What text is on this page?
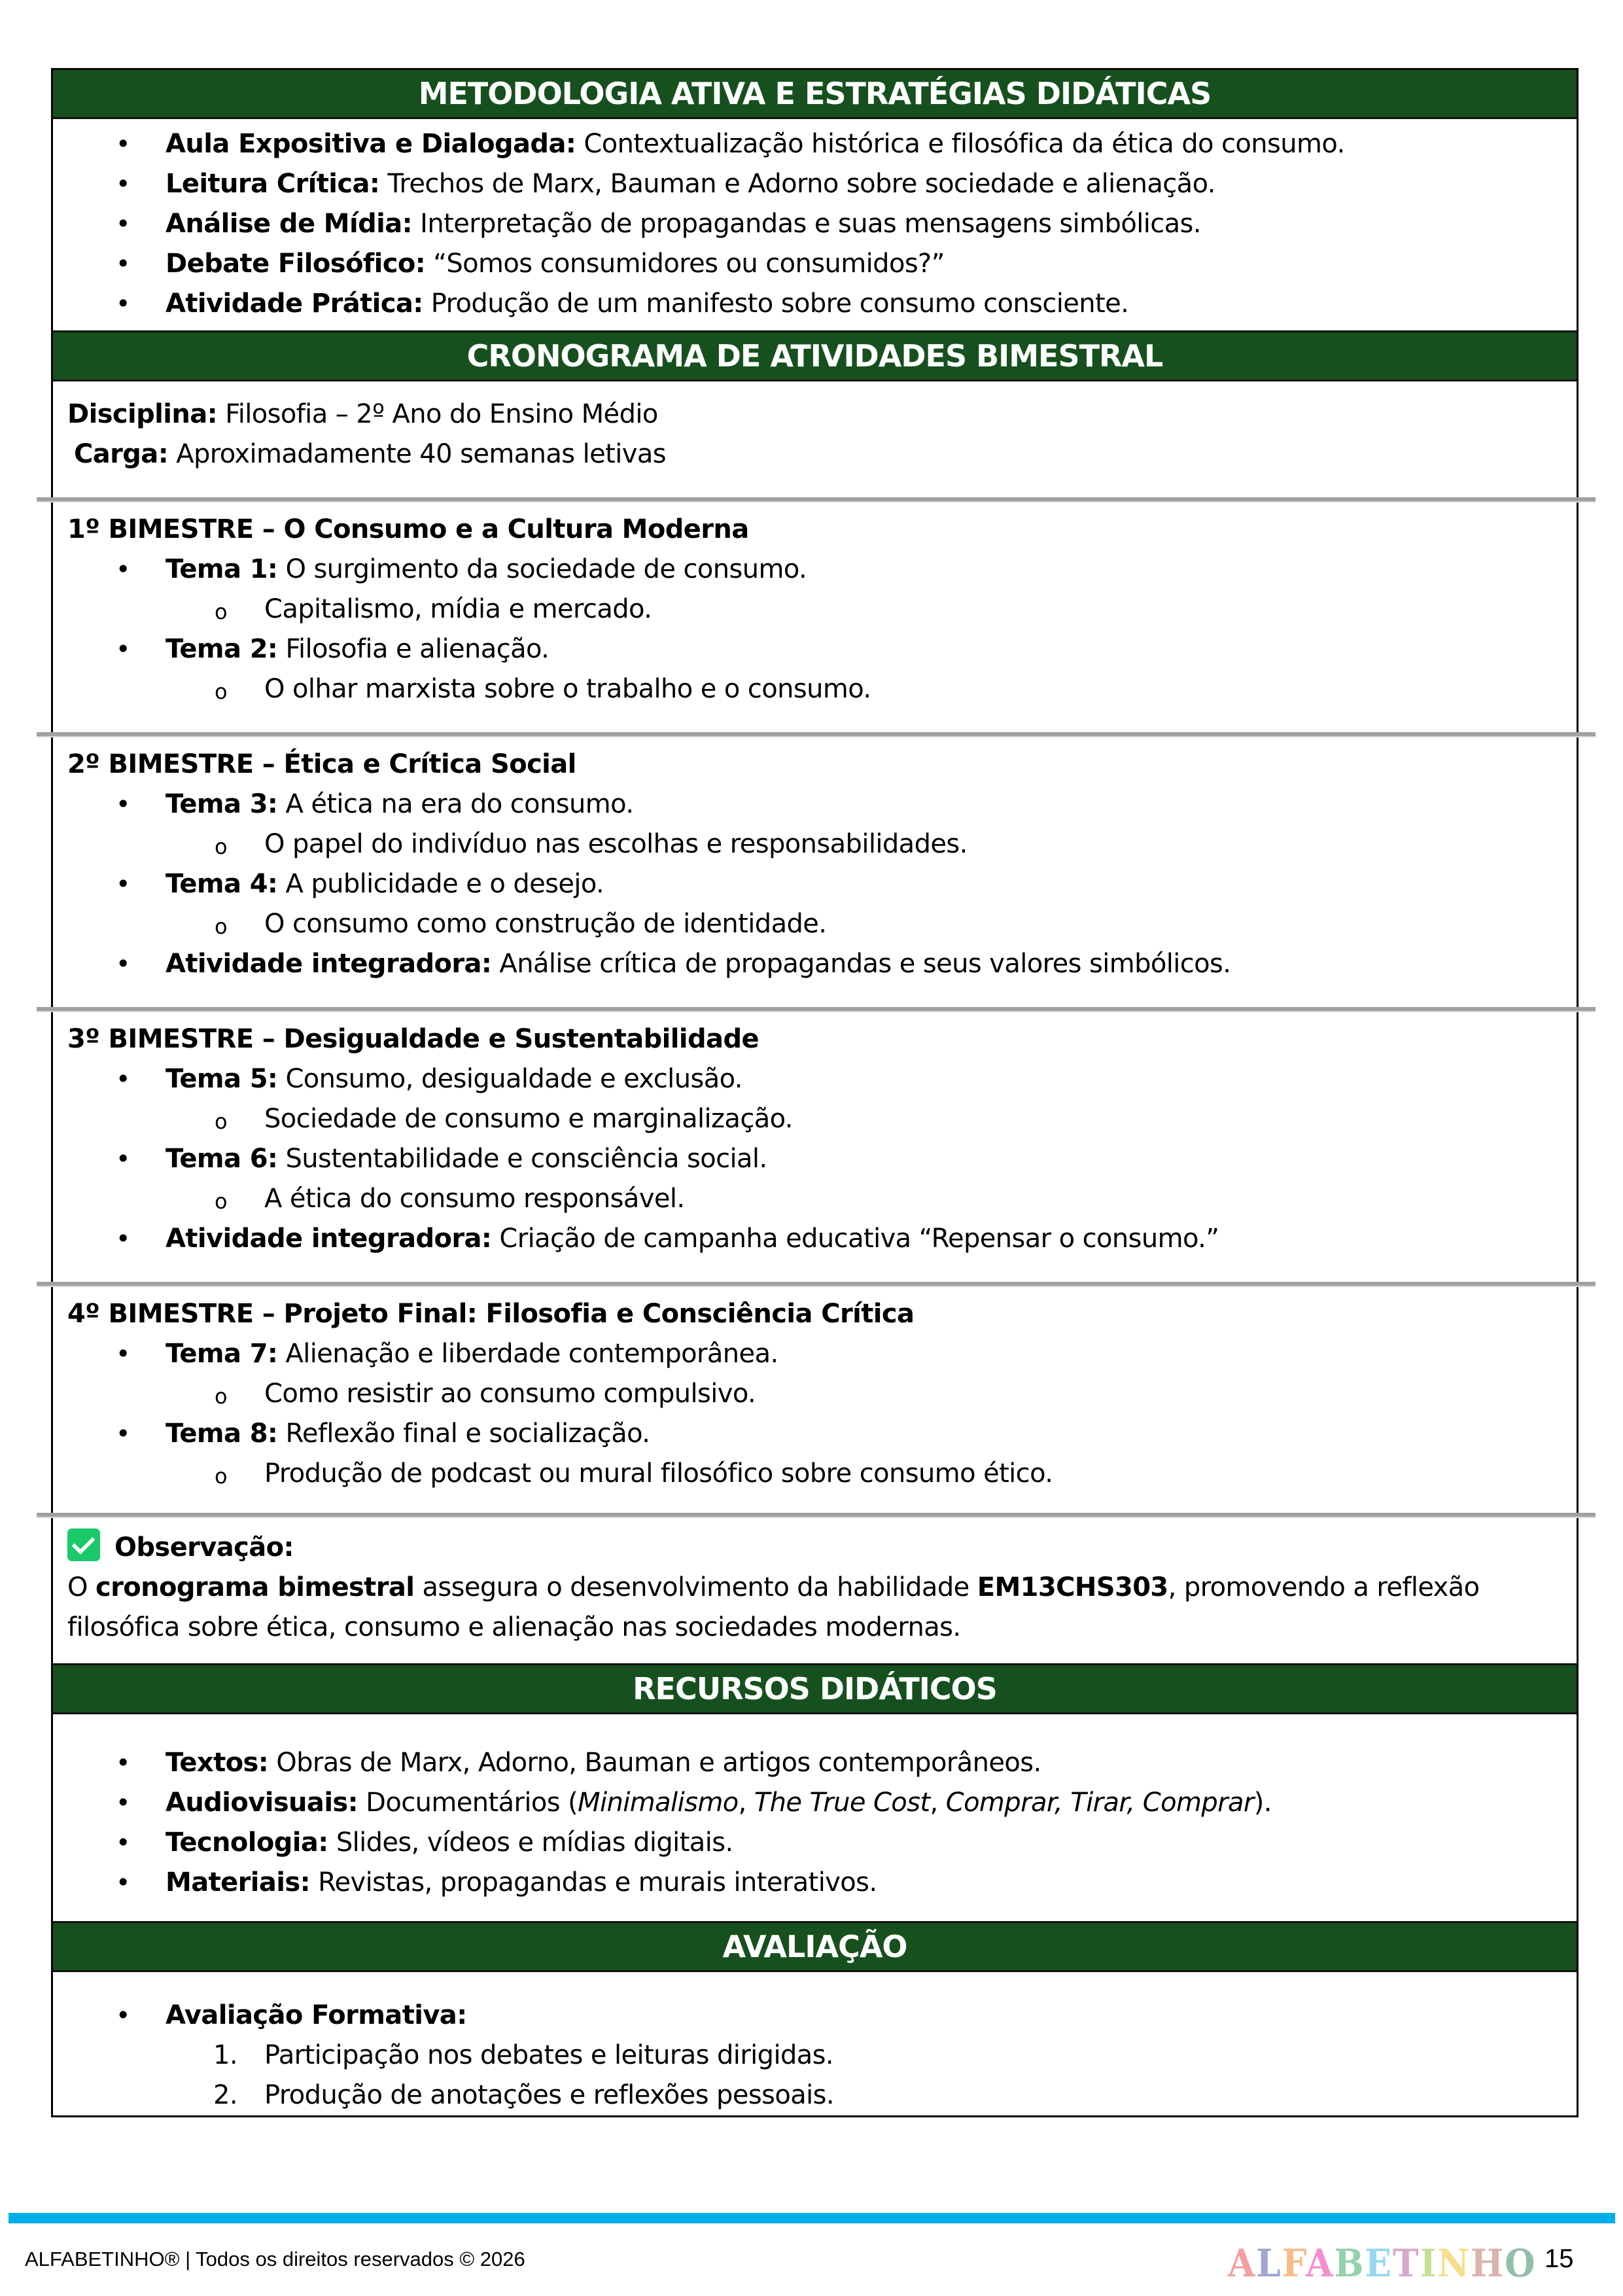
METODOLOGIA ATIVA E ESTRATÉGIAS DIDÁTICAS
• Aula Expositiva e Dialogada: Contextualização histórica e filosófica da ética do consumo.
• Leitura Crítica: Trechos de Marx, Bauman e Adorno sobre sociedade e alienação.
• Análise de Mídia: Interpretação de propagandas e suas mensagens simbólicas.
• Debate Filosófico: “Somos consumidores ou consumidos?”
• Atividade Prática: Produção de um manifesto sobre consumo consciente.
CRONOGRAMA DE ATIVIDADES BIMESTRAL
Disciplina: Filosofia – 2º Ano do Ensino Médio
Carga: Aproximadamente 40 semanas letivas
1º BIMESTRE – O Consumo e a Cultura Moderna
• Tema 1: O surgimento da sociedade de consumo.
o Capitalismo, mídia e mercado.
• Tema 2: Filosofia e alienação.
o O olhar marxista sobre o trabalho e o consumo.
2º BIMESTRE – Ética e Crítica Social
• Tema 3: A ética na era do consumo.
o O papel do indivíduo nas escolhas e responsabilidades.
• Tema 4: A publicidade e o desejo.
o O consumo como construção de identidade.
• Atividade integradora: Análise crítica de propagandas e seus valores simbólicos.
3º BIMESTRE – Desigualdade e Sustentabilidade
• Tema 5: Consumo, desigualdade e exclusão.
o Sociedade de consumo e marginalização.
• Tema 6: Sustentabilidade e consciência social.
o A ética do consumo responsável.
• Atividade integradora: Criação de campanha educativa “Repensar o consumo.”
4º BIMESTRE – Projeto Final: Filosofia e Consciência Crítica
• Tema 7: Alienação e liberdade contemporânea.
o Como resistir ao consumo compulsivo.
• Tema 8: Reflexão final e socialização.
o Produção de podcast ou mural filosófico sobre consumo ético.
Observação:
O cronograma bimestral assegura o desenvolvimento da habilidade EM13CHS303, promovendo a reflexão filosófica sobre ética, consumo e alienação nas sociedades modernas.
RECURSOS DIDÁTICOS
• Textos: Obras de Marx, Adorno, Bauman e artigos contemporâneos.
• Audiovisuais: Documentários (Minimalismo, The True Cost, Comprar, Tirar, Comprar).
• Tecnologia: Slides, vídeos e mídias digitais.
• Materiais: Revistas, propagandas e murais interativos.
AVALIAÇÃO
• Avaliação Formativa:
1. Participação nos debates e leituras dirigidas.
2. Produção de anotações e reflexões pessoais.
ALFABETINHO® | Todos os direitos reservados © 2026	ALFABETINHO 15
